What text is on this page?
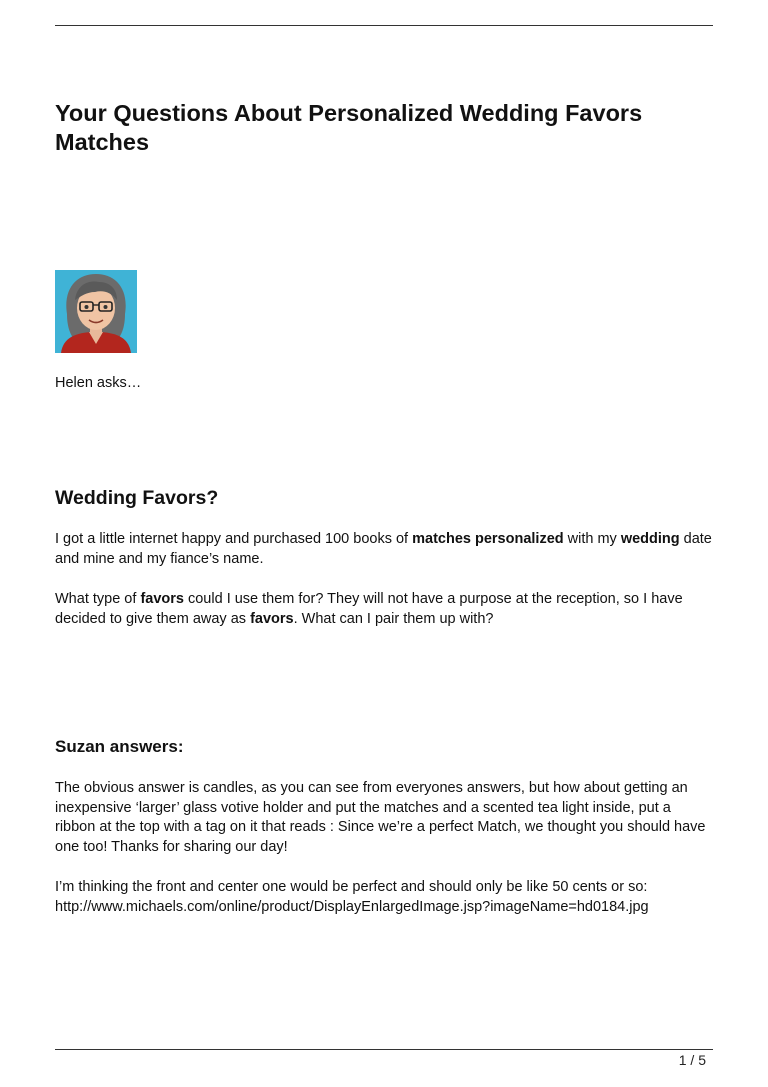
Your Questions About Personalized Wedding Favors Matches

Helen asks…

Wedding Favors?

I got a little internet happy and purchased 100 books of matches personalized with my wedding date and mine and my fiance’s name.

What type of favors could I use them for? They will not have a purpose at the reception, so I have decided to give them away as favors. What can I pair them up with?

Suzan answers:

The obvious answer is candles, as you can see from everyones answers, but how about getting an inexpensive ‘larger’ glass votive holder and put the matches and a scented tea light inside, put a ribbon at the top with a tag on it that reads : Since we’re a perfect Match, we thought you should have one too! Thanks for sharing our day!

I’m thinking the front and center one would be perfect and should only be like 50 cents or so:
http://www.michaels.com/online/product/DisplayEnlargedImage.jsp?imageName=hd0184.jpg

1 / 5
